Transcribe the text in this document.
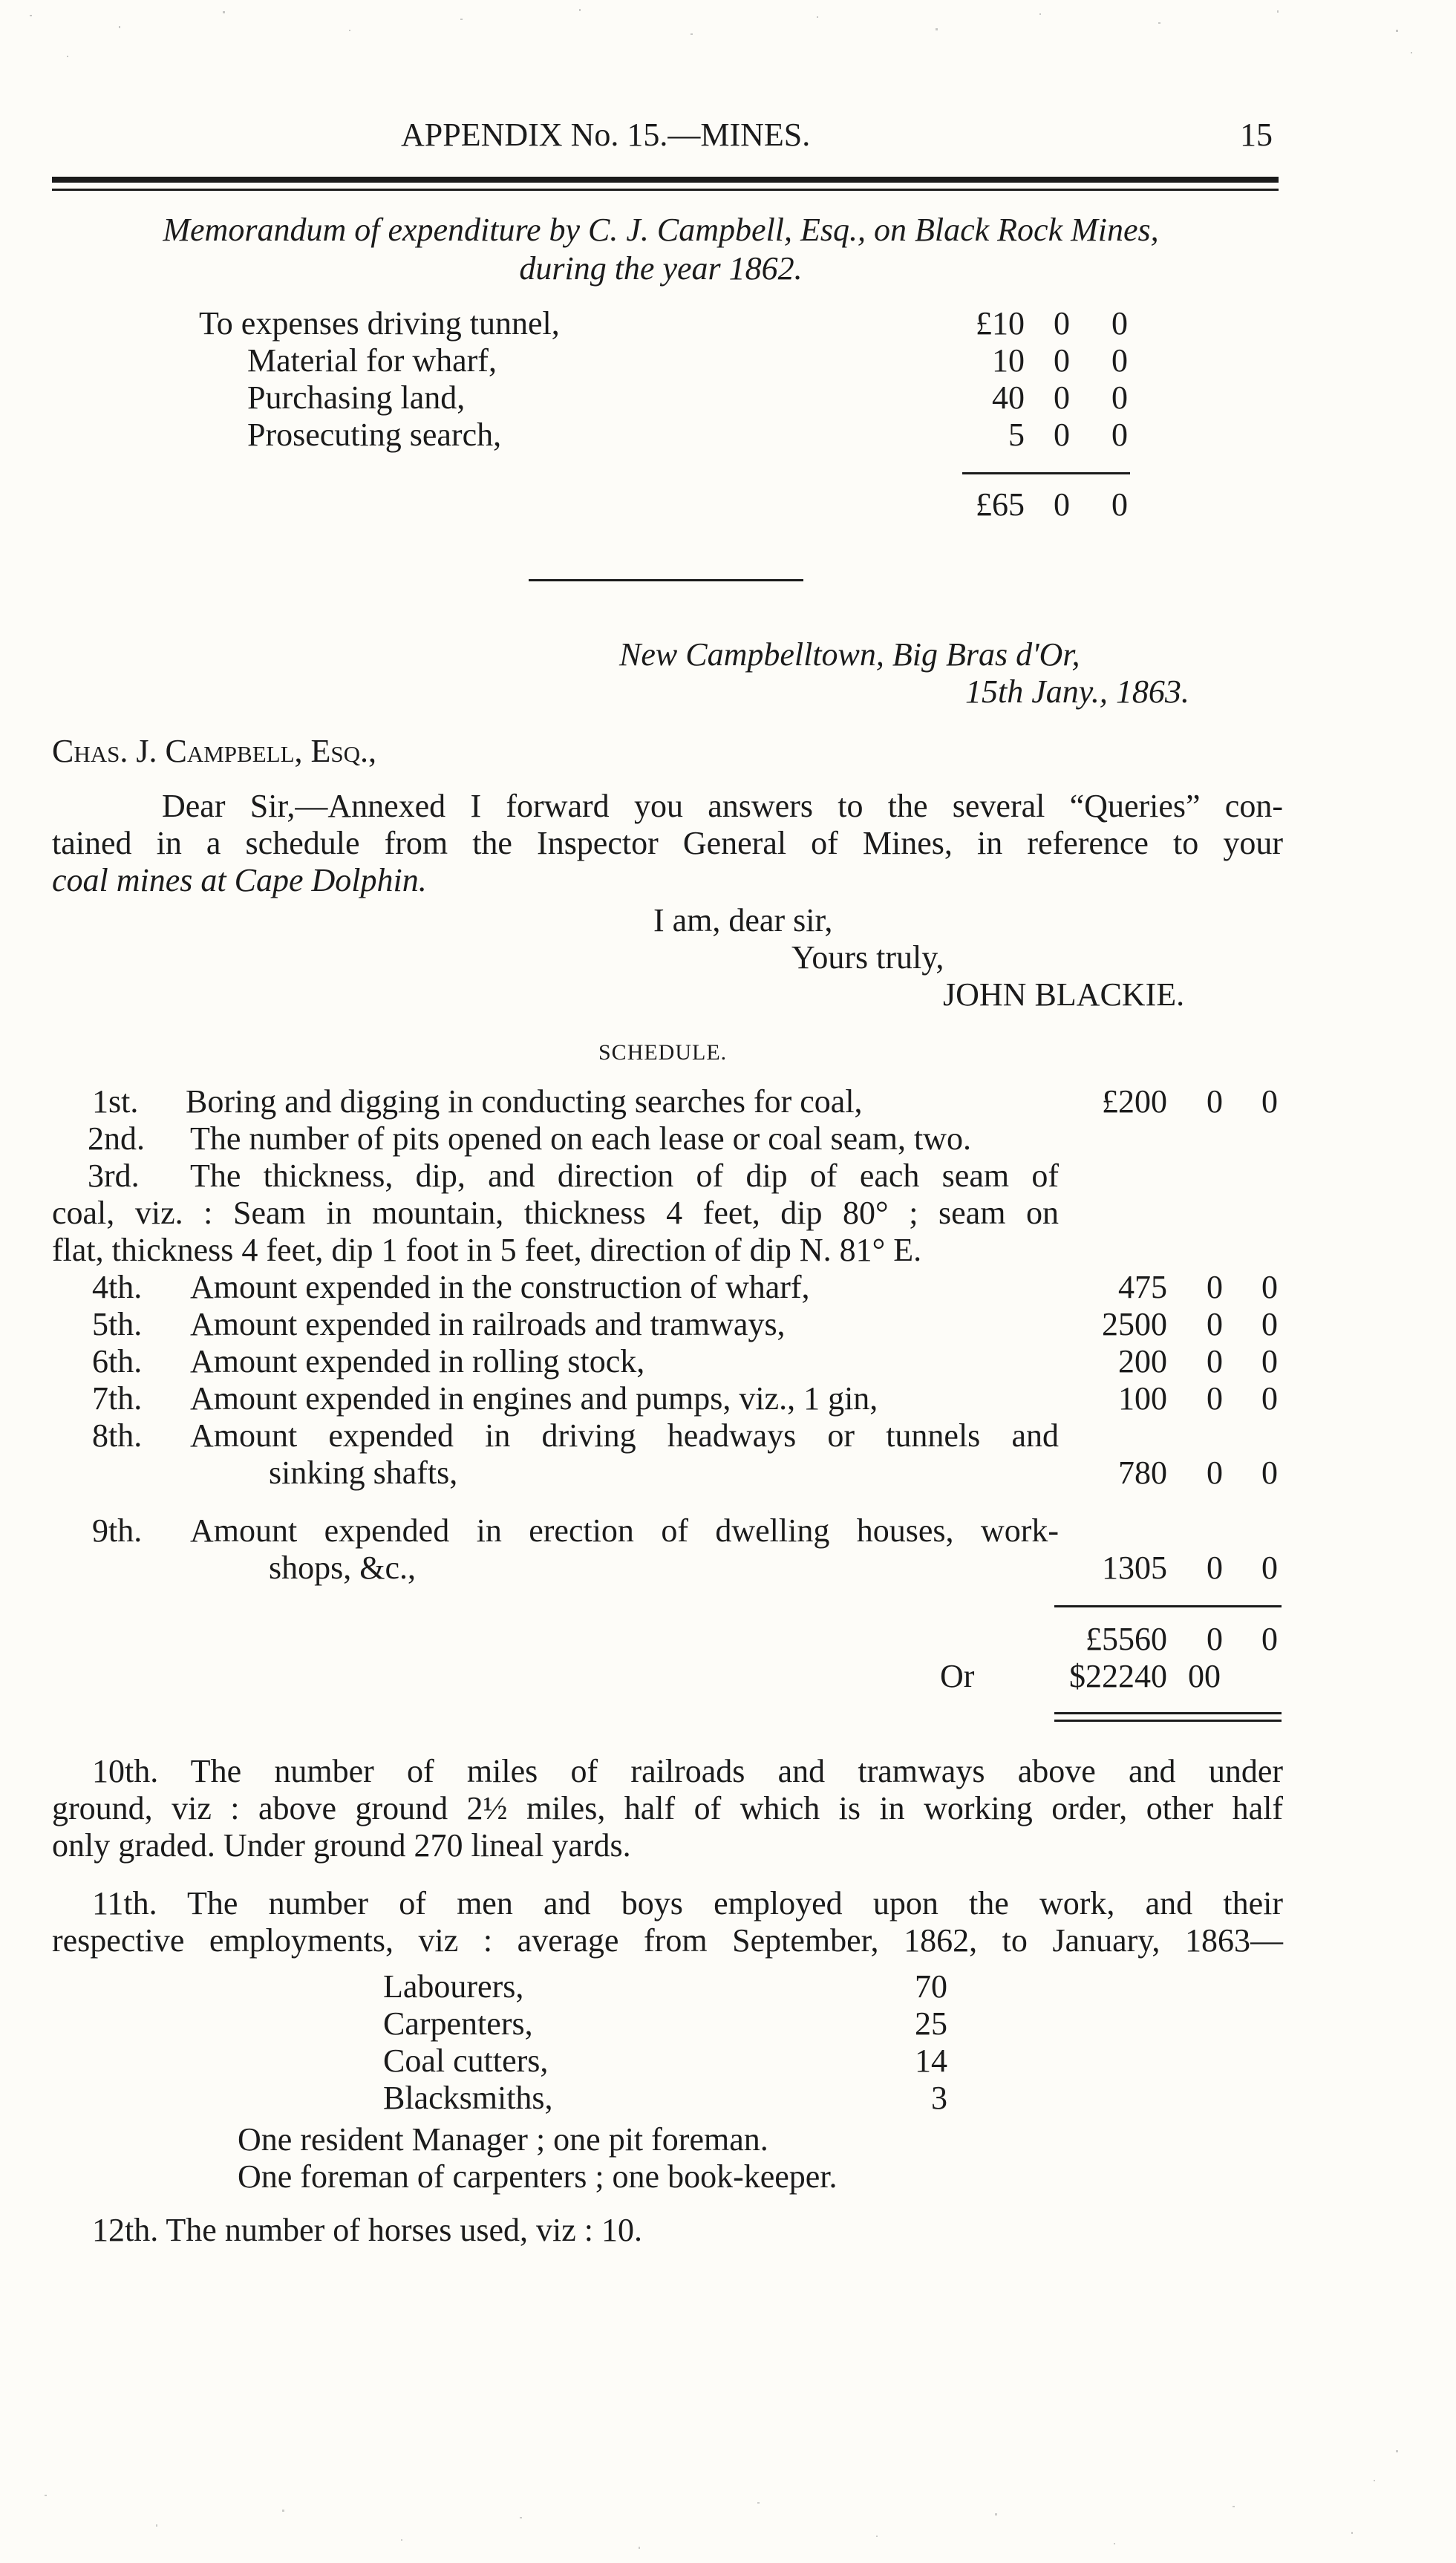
APPENDIX No. 15.—MINES.	15
Memorandum of expenditure by C. J. Campbell, Esq., on Black Rock Mines,
during the year 1862.
To expenses driving tunnel,	£10 0	0
Material for wharf,	10 0	0
Purchasing land,	40 0	0
Prosecuting search,	5 0	0
£65 0	0
New Campbelltown, Big Bras d'Or,
15th Jany., 1863.
Chas. J. Campbell, Esq.,
Dear Sir,—Annexed I forward you answers to the several “Queries” con-
tained in a schedule from the Inspector General of Mines, in reference to your
coal mines at Cape Dolphin.
I am, dear sir,
Yours truly,
JOHN BLACKIE.
SCHEDULE.
1st. Boring and digging in conducting searches for coal,	£200	0	0
2nd. The number of pits opened on each lease or coal seam, two.
3rd. The thickness, dip, and direction of dip of each seam of
coal, viz. : Seam in mountain, thickness 4 feet, dip 80° ; seam on
flat, thickness 4 feet, dip 1 foot in 5 feet, direction of dip N. 81° E.
4th. Amount expended in the construction of wharf,	475	0	0
5th. Amount expended in railroads and tramways,	2500	0	0
6th. Amount expended in rolling stock,	200	0	0
7th. Amount expended in engines and pumps, viz., 1 gin,	100	0	0
8th. Amount expended in driving headways or tunnels and
sinking shafts,	780	0	0
9th. Amount expended in erection of dwelling houses, work-
shops, &c.,	1305	0	0
£5560	0	0
Or	$22240 00
10th. The number of miles of railroads and tramways above and under
ground, viz : above ground 2½ miles, half of which is in working order, other half
only graded. Under ground 270 lineal yards.
11th. The number of men and boys employed upon the work, and their
respective employments, viz : average from September, 1862, to January, 1863—
Labourers,	70
Carpenters,	25
Coal cutters,	14
Blacksmiths,	3
One resident Manager ; one pit foreman.
One foreman of carpenters ; one book-keeper.
12th. The number of horses used, viz : 10.
